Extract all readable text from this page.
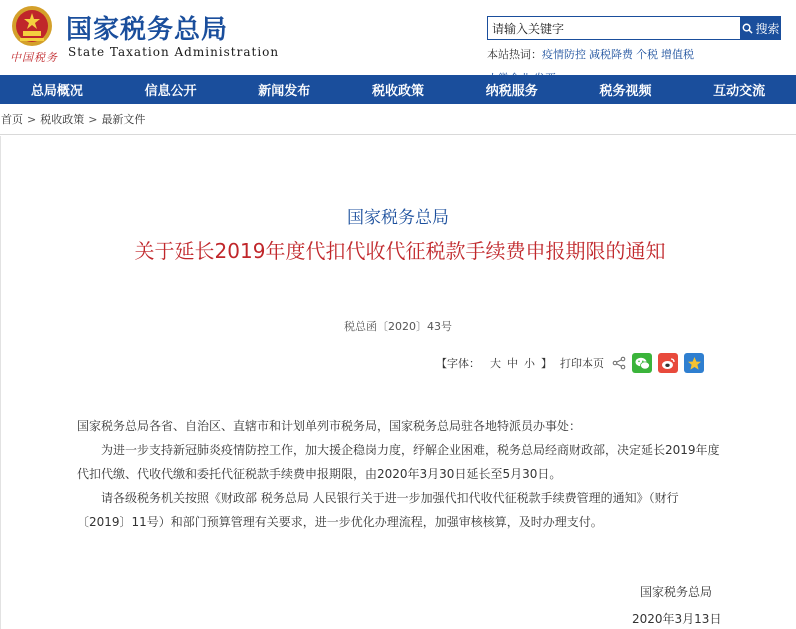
中国税务
国家税务总局
State Taxation Administration
请输入关键字
搜索
本站热词：疫情防控 减税降费 个税 增值税

总局概况	信息公开	新闻发布	税收政策	纳税服务	税务视频	互动交流
首页 > 税收政策 > 最新文件
国家税务总局
关于延长2019年度代扣代收代征税款手续费申报期限的通知
税总函〔2020〕43号
【字体： 大 中 小 】 打印本页

国家税务总局各省、自治区、直辖市和计划单列市税务局，国家税务总局驻各地特派员办事处：

为进一步支持新冠肺炎疫情防控工作，加大援企稳岗力度，纾解企业困难，税务总局经商财政部，决定延长2019年度代扣代缴、代收代缴和委托代征税款手续费申报期限，由2020年3月30日延长至5月30日。

请各级税务机关按照《财政部 税务总局 人民银行关于进一步加强代扣代收代征税款手续费管理的通知》（财行〔2019〕11号）和部门预算管理有关要求，进一步优化办理流程，加强审核核算，及时办理支付。

国家税务总局
2020年3月13日
